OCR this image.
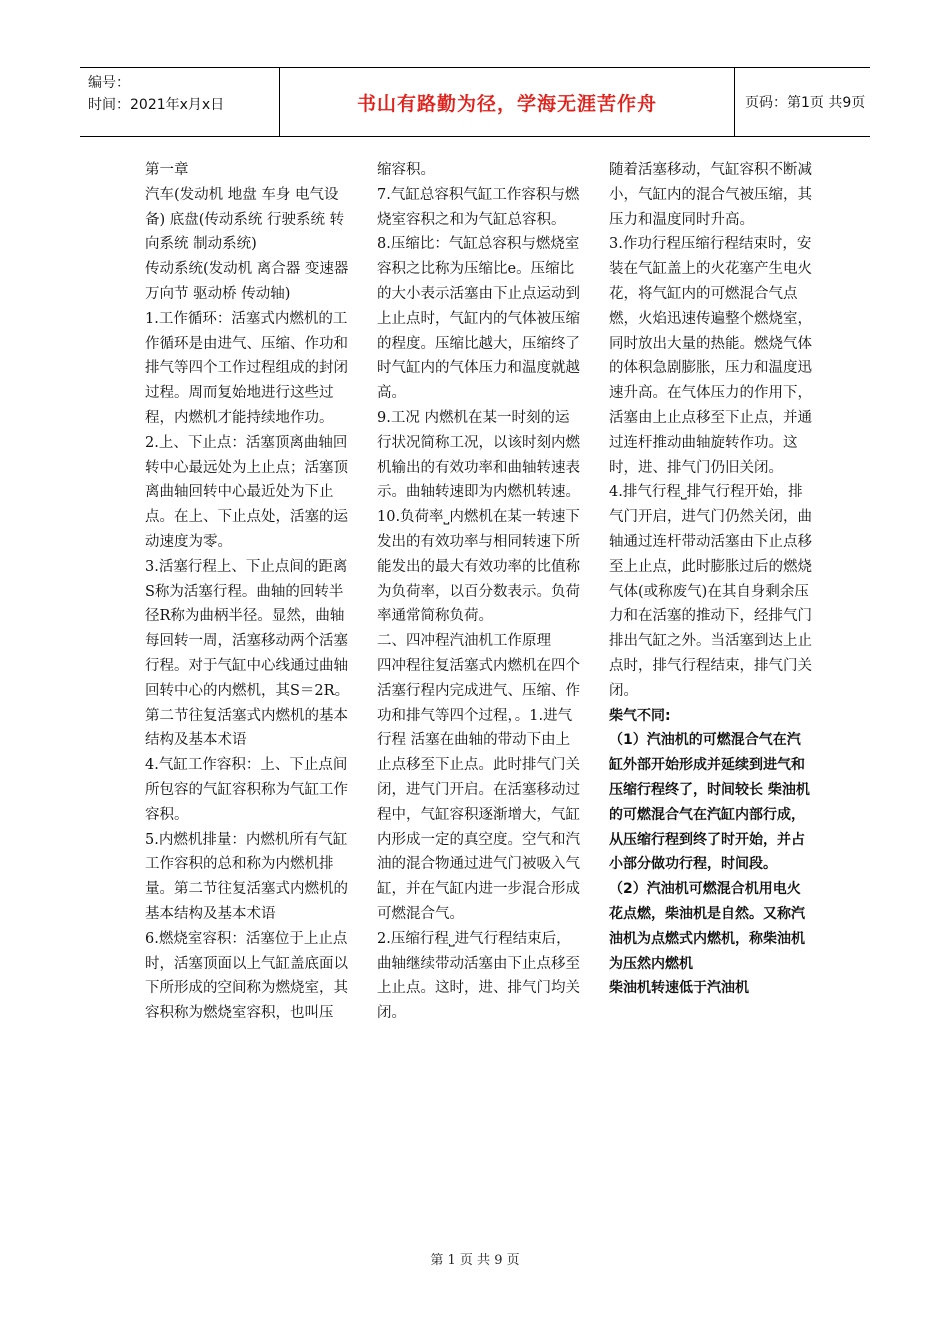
编号：
时间：2021年x月x日	书山有路勤为径，学海无涯苦作舟	页码：第1页 共9页

第一章

汽车(发动机 地盘 车身 电气设备) 底盘(传动系统 行驶系统 转向系统 制动系统)

传动系统(发动机 离合器 变速器 万向节 驱动桥 传动轴)

1.工作循环：活塞式内燃机的工作循环是由进气、压缩、作功和排气等四个工作过程组成的封闭过程。周而复始地进行这些过程，内燃机才能持续地作功。

2.上、下止点：活塞顶离曲轴回转中心最远处为上止点；活塞顶离曲轴回转中心最近处为下止点。在上、下止点处，活塞的运动速度为零。

3.活塞行程上、下止点间的距离S称为活塞行程。曲轴的回转半径R称为曲柄半径。显然，曲轴每回转一周，活塞移动两个活塞行程。对于气缸中心线通过曲轴回转中心的内燃机，其S＝2R。第二节往复活塞式内燃机的基本结构及基本术语

4.气缸工作容积：上、下止点间所包容的气缸容积称为气缸工作容积。

5.内燃机排量：内燃机所有气缸工作容积的总和称为内燃机排量。第二节往复活塞式内燃机的基本结构及基本术语

6.燃烧室容积：活塞位于上止点时，活塞顶面以上气缸盖底面以下所形成的空间称为燃烧室，其容积称为燃烧室容积，也叫压

缩容积。

7.气缸总容积气缸工作容积与燃烧室容积之和为气缸总容积。

8.压缩比：气缸总容积与燃烧室容积之比称为压缩比e。压缩比的大小表示活塞由下止点运动到上止点时，气缸内的气体被压缩的程度。压缩比越大，压缩终了时气缸内的气体压力和温度就越高。

9.工况 内燃机在某一时刻的运行状况简称工况，以该时刻内燃机输出的有效功率和曲轴转速表示。曲轴转速即为内燃机转速。

10.负荷率⎵内燃机在某一转速下发出的有效功率与相同转速下所能发出的最大有效功率的比值称为负荷率，以百分数表示。负荷率通常简称负荷。

二、四冲程汽油机工作原理

四冲程往复活塞式内燃机在四个活塞行程内完成进气、压缩、作功和排气等四个过程，。1.进气行程 活塞在曲轴的带动下由上止点移至下止点。此时排气门关闭，进气门开启。在活塞移动过程中，气缸容积逐渐增大，气缸内形成一定的真空度。空气和汽油的混合物通过进气门被吸入气缸，并在气缸内进一步混合形成可燃混合气。

2.压缩行程⎵进气行程结束后，曲轴继续带动活塞由下止点移至上止点。这时，进、排气门均关闭。

随着活塞移动，气缸容积不断减小，气缸内的混合气被压缩，其压力和温度同时升高。

3.作功行程压缩行程结束时，安装在气缸盖上的火花塞产生电火花，将气缸内的可燃混合气点燃，火焰迅速传遍整个燃烧室，同时放出大量的热能。燃烧气体的体积急剧膨胀，压力和温度迅速升高。在气体压力的作用下，活塞由上止点移至下止点，并通过连杆推动曲轴旋转作功。这时，进、排气门仍旧关闭。

4.排气行程⎵排气行程开始，排气门开启，进气门仍然关闭，曲轴通过连杆带动活塞由下止点移至上止点，此时膨胀过后的燃烧气体(或称废气)在其自身剩余压力和在活塞的推动下，经排气门排出气缸之外。当活塞到达上止点时，排气行程结束，排气门关闭。

柴气不同:

（1）汽油机的可燃混合气在汽缸外部开始形成并延续到进气和压缩行程终了，时间较长 柴油机的可燃混合气在汽缸内部行成，从压缩行程到终了时开始，并占小部分做功行程，时间段。

（2）汽油机可燃混合机用电火花点燃，柴油机是自然。又称汽油机为点燃式内燃机，称柴油机为压然内燃机

柴油机转速低于汽油机

第 1 页 共 9 页
